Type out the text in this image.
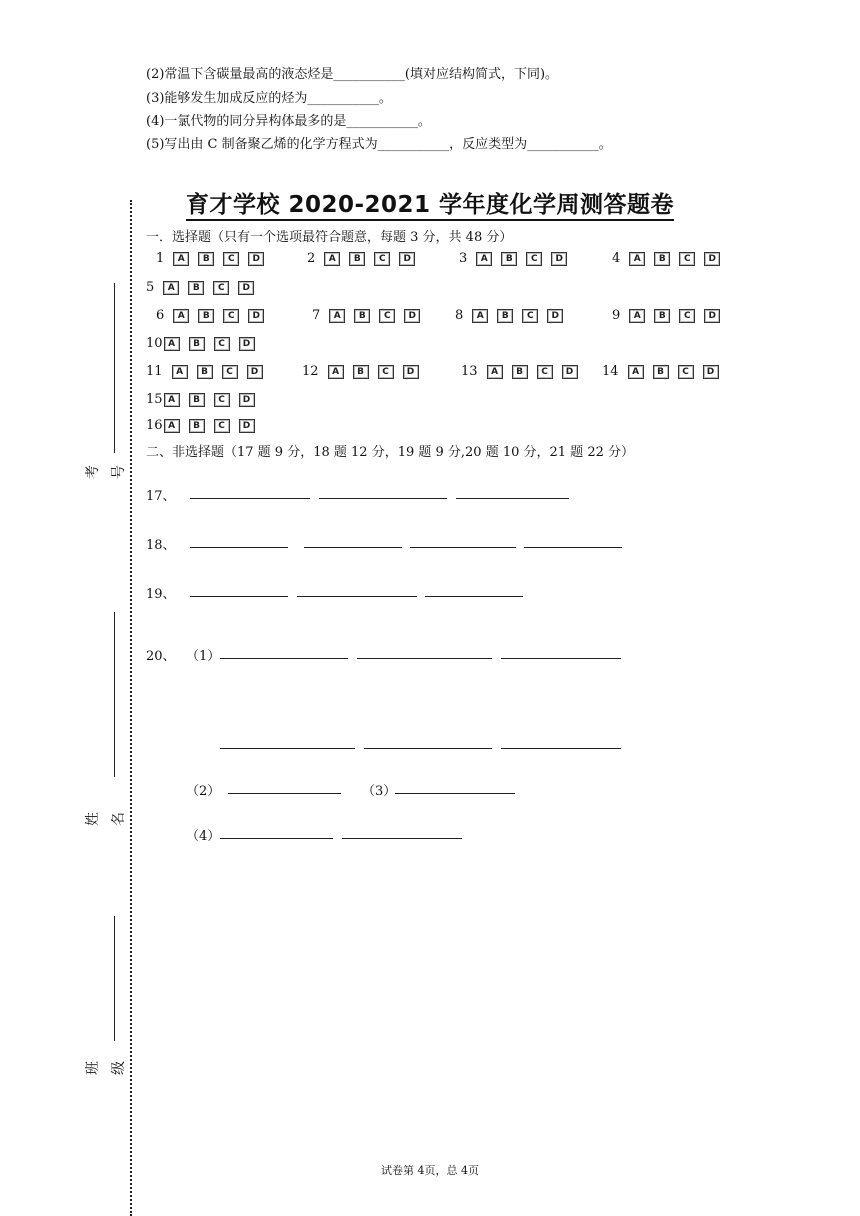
(2)常温下含碳量最高的液态烃是___________(填对应结构简式，下同)。
(3)能够发生加成反应的烃为___________。
(4)一氯代物的同分异构体最多的是___________。
(5)写出由 C 制备聚乙烯的化学方程式为___________，反应类型为___________。
育才学校 2020-2021 学年度化学周测答题卷
一．选择题（只有一个选项最符合题意，每题 3 分，共 48 分）
1 A B C D	2 A B C D	3 A B C D	4 A B C D
5 A B C D
6 A B C D	7 A B C D	8 A B C D	9 A B C D
10 A B C D
11 A B C D	12 A B C D	13 A B C D	14 A B C D
15 A B C D
16 A B C D
二、非选择题（17 题 9 分，18 题 12 分，19 题 9 分,20 题 10 分，21 题 22 分）
17、
18、
19、
20、 （1）
（2）	（3）
（4）
考号
姓　名
班 级
试卷第 4页，总 4页
